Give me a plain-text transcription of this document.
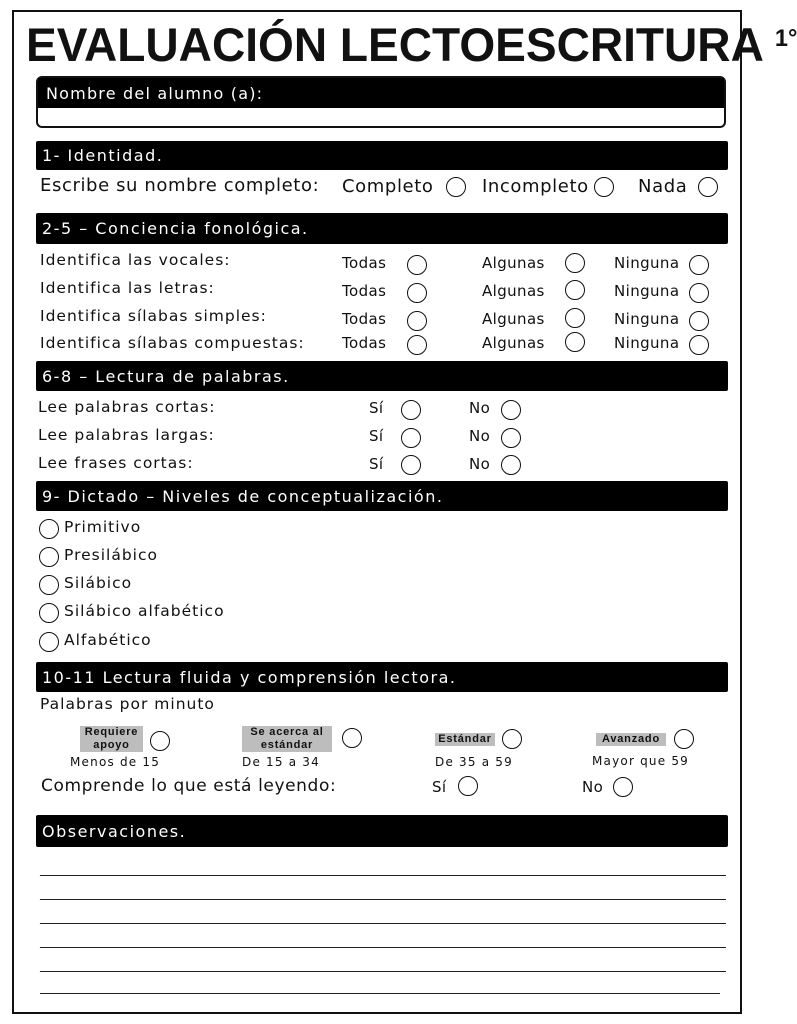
EVALUACIÓN LECTOESCRITURA $^{1^\circ}$
Nombre del alumno (a):
1- Identidad.
Escribe su nombre completo: Completo	Incompleto	Nada
2-5 – Conciencia fonológica.
Identifica las vocales:	Todas	Algunas	Ninguna
Identifica las letras:	Todas	Algunas	Ninguna
Identifica sílabas simples:	Todas	Algunas	Ninguna
Identifica sílabas compuestas: Todas	Algunas	Ninguna
6-8 – Lectura de palabras.
Lee palabras cortas:	Sí	No
Lee palabras largas:	Sí	No
Lee frases cortas:	Sí	No
9- Dictado – Niveles de conceptualización.
Primitivo
Presilábico
Silábico
Silábico alfabético
Alfabético
10-11 Lectura fluida y comprensión lectora.
Palabras por minuto
Requiere
apoyo
Menos de 15
Se acerca al
estándar
De 15 a 34
Estándar
De 35 a 59
Avanzado
Mayor que 59
Comprende lo que está leyendo:	Sí	No
Observaciones.
__
__
__
__
__
